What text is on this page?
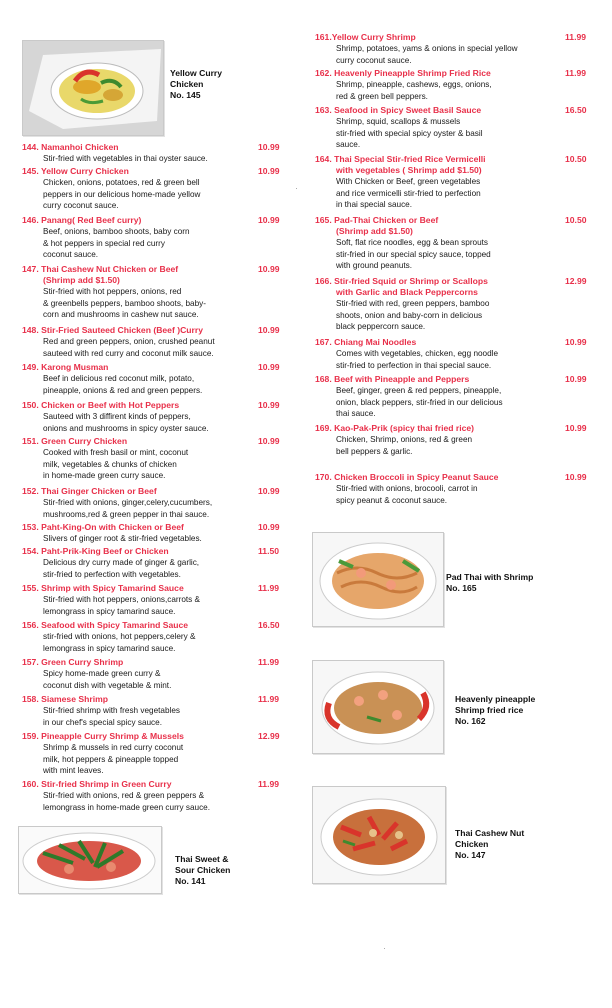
Yellow Curry
Chicken
No. 145
144. Namanhoi Chicken	10.99
Stir-fried with vegetables in thai oyster sauce.
145. Yellow Curry Chicken	10.99
Chicken, onions, potatoes, red & green bell
peppers in our delicious home-made yellow
curry coconut sauce.
146. Panang( Red Beef curry)	10.99
Beef, onions, bamboo shoots, baby corn
& hot peppers in special red curry
coconut sauce.
147. Thai Cashew Nut Chicken or Beef	10.99
(Shrimp add $1.50)
Stir-fried with hot peppers, onions, red
& greenbells peppers, bamboo shoots, baby-
corn and mushrooms in cashew nut sauce.
148. Stir-Fried Sauteed Chicken (Beef )Curry	10.99
Red and green peppers, onion, crushed peanut
sauteed with red curry and coconut milk sauce.
149. Karong Musman	10.99
Beef in delicious red coconut milk, potato,
pineapple, onions & red and green peppers.
150. Chicken or Beef with Hot Peppers	10.99
Sauteed with 3 diffirent kinds of peppers,
onions and mushrooms in spicy oyster sauce.
151. Green Curry Chicken	10.99
Cooked with fresh basil or mint, coconut
milk, vegetables & chunks of chicken
in home-made green curry sauce.
152. Thai Ginger Chicken or Beef	10.99
Stir-fried with onions, ginger,celery,cucumbers,
mushrooms,red & green pepper in thai sauce.
153. Paht-King-On with Chicken or Beef	10.99
Slivers of ginger root & stir-fried vegetables.
154. Paht-Prik-King Beef or Chicken	11.50
Delicious dry curry made of ginger & garlic,
stir-fried to perfection with vegetables.
155. Shrimp with Spicy Tamarind Sauce	11.99
Stir-fried with hot peppers, onions,carrots &
lemongrass in spicy tamarind sauce.
156. Seafood with Spicy Tamarind Sauce	16.50
stir-fried with onions, hot peppers,celery &
lemongrass in spicy tamarind sauce.
157. Green Curry Shrimp	11.99
Spicy home-made green curry &
coconut dish with vegetable & mint.
158. Siamese Shrimp	11.99
Stir-fried shrimp with fresh vegetables
in our chef's special spicy sauce.
159. Pineapple Curry Shrimp & Mussels	12.99
Shrimp & mussels in red curry coconut
milk, hot peppers & pineapple topped
with mint leaves.
160. Stir-fried Shrimp in Green Curry	11.99
Stir-fried with onions, red & green peppers &
lemongrass in home-made green curry sauce.
161.Yellow Curry Shrimp	11.99
Shrimp, potatoes, yams & onions in special yellow
curry coconut sauce.
162. Heavenly Pineapple Shrimp Fried Rice	11.99
Shrimp, pineapple, cashews, eggs, onions,
red & green bell peppers.
163. Seafood in Spicy Sweet Basil Sauce	16.50
Shrimp, squid, scallops & mussels
stir-fried with special spicy oyster & basil
sauce.
164. Thai Special Stir-fried Rice Vermicelli	10.50
with vegetables ( Shrimp add $1.50)
With Chicken or Beef, green vegetables
and rice vermicelli stir-fried to perfection
in thai special sauce.
165. Pad-Thai Chicken or Beef	10.50
(Shrimp add $1.50)
Soft, flat rice noodles, egg & bean sprouts
stir-fried in our special spicy sauce, topped
with ground peanuts.
166. Stir-fried Squid or Shrimp or Scallops	12.99
with Garlic and Black Peppercorns
Stir-fried with red, green peppers, bamboo
shoots, onion and baby-corn in delicious
black peppercorn sauce.
167. Chiang Mai Noodles	10.99
Comes with vegetables, chicken, egg noodle
stir-fried to perfection in thai special sauce.
168. Beef with Pineapple and Peppers	10.99
Beef, ginger, green & red peppers, pineapple,
onion, black peppers, stir-fried in our delicious
thai sauce.
169. Kao-Pak-Prik (spicy thai fried rice)	10.99
Chicken, Shrimp, onions, red & green
bell peppers & garlic.
170. Chicken Broccoli in Spicy Peanut Sauce	10.99
Stir-fried with onions, brocooli, carrot in
spicy peanut & coconut sauce.
Thai Sweet &
Sour Chicken
No. 141
Pad Thai with Shrimp
No. 165
Heavenly pineapple
Shrimp fried rice
No. 162
Thai Cashew Nut
Chicken
No. 147
